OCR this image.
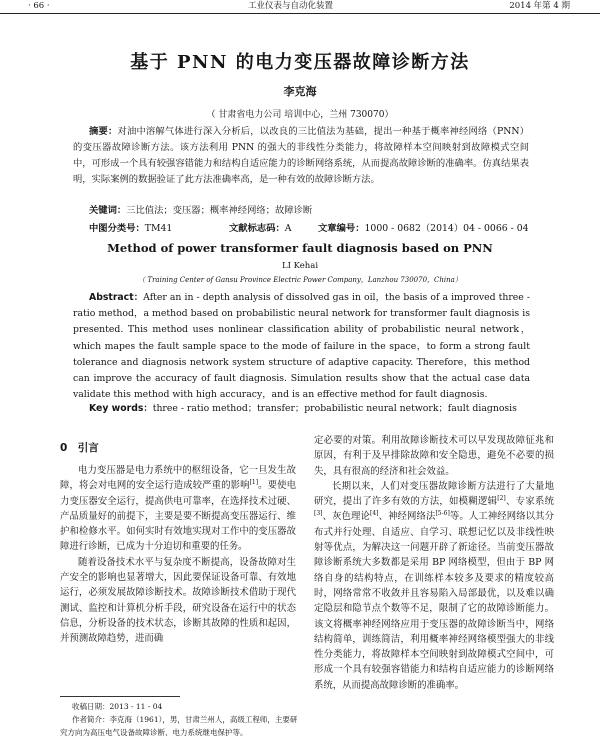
· 66 ·	工业仪表与自动化装置	2014 年第 4 期
基于 PNN 的电力变压器故障诊断方法
李克海
（ 甘肃省电力公司 培训中心，兰州 730070）

摘要：对油中溶解气体进行深入分析后，以改良的三比值法为基础，提出一种基于概率神经网络（PNN）的变压器故障诊断方法。该方法利用 PNN 的强大的非线性分类能力，将故障样本空间映射到故障模式空间中，可形成一个具有较强容错能力和结构自适应能力的诊断网络系统，从而提高故障诊断的准确率。仿真结果表明，实际案例的数据验证了此方法准确率高，是一种有效的故障诊断方法。

关键词：三比值法；变压器；概率神经网络；故障诊断
中图分类号：TM41	文献标志码：A	文章编号：1000 - 0682（2014）04 - 0066 - 04
Method of power transformer fault diagnosis based on PNN
LI Kehai
（ Training Center of Gansu Province Electric Power Company，Lanzhou 730070，China）

Abstract：After an in - depth analysis of dissolved gas in oil，the basis of a improved three - ratio method，a method based on probabilistic neural network for transformer fault diagnosis is presented. This method uses nonlinear classification ability of probabilistic neural network，which mapes the fault sample space to the mode of failure in the space，to form a strong fault tolerance and diagnosis network system structure of adaptive capacity. Therefore，this method can improve the accuracy of fault diagnosis. Simulation results show that the actual case data validate this method with high accuracy，and is an effective method for fault diagnosis.

Key words：three - ratio method；transfer；probabilistic neural network；fault diagnosis
0　引言

电力变压器是电力系统中的枢纽设备，它一旦发生故障，将会对电网的安全运行造成较严重的影响[1]。要使电力变压器安全运行，提高供电可靠率，在选择技术过硬、产品质量好的前提下，主要是要不断提高变压器运行、维护和检修水平。如何实时有效地实现对工作中的变压器故障进行诊断，已成为十分迫切和重要的任务。

随着设备技术水平与复杂度不断提高，设备故障对生产安全的影响也显著增大，因此要保证设备可靠、有效地运行，必须发展故障诊断技术。故障诊断技术借助于现代测试、监控和计算机分析手段，研究设备在运行中的状态信息，分析设备的技术状态，诊断其故障的性质和起因，并预测故障趋势，进而确

定必要的对策。利用故障诊断技术可以早发现故障征兆和原因，有利于及早排除故障和安全隐患，避免不必要的损失，具有很高的经济和社会效益。

长期以来，人们对变压器故障诊断方法进行了大量地研究，提出了许多有效的方法，如模糊逻辑[2]、专家系统[3]、灰色理论[4]、神经网络法[5-6]等。人工神经网络以其分布式并行处理、自适应、自学习、联想记忆以及非线性映射等优点，为解决这一问题开辟了新途径。当前变压器故障诊断系统大多数都是采用 BP 网络模型，但由于 BP 网络自身的结构特点，在训练样本较多及要求的精度较高时，网络常常不收敛并且容易陷入局部最优，以及难以确定隐层和隐节点个数等不足，限制了它的故障诊断能力。该文将概率神经网络应用于变压器的故障诊断当中，网络结构简单，训练简洁，利用概率神经网络模型强大的非线性分类能力，将故障样本空间映射到故障模式空间中，可形成一个具有较强容错能力和结构自适应能力的诊断网络系统，从而提高故障诊断的准确率。

收稿日期：2013 - 11 - 04

作者简介：李克海（1961），男，甘肃兰州人，高级工程师，主要研究方向为高压电气设备故障诊断、电力系统继电保护等。
